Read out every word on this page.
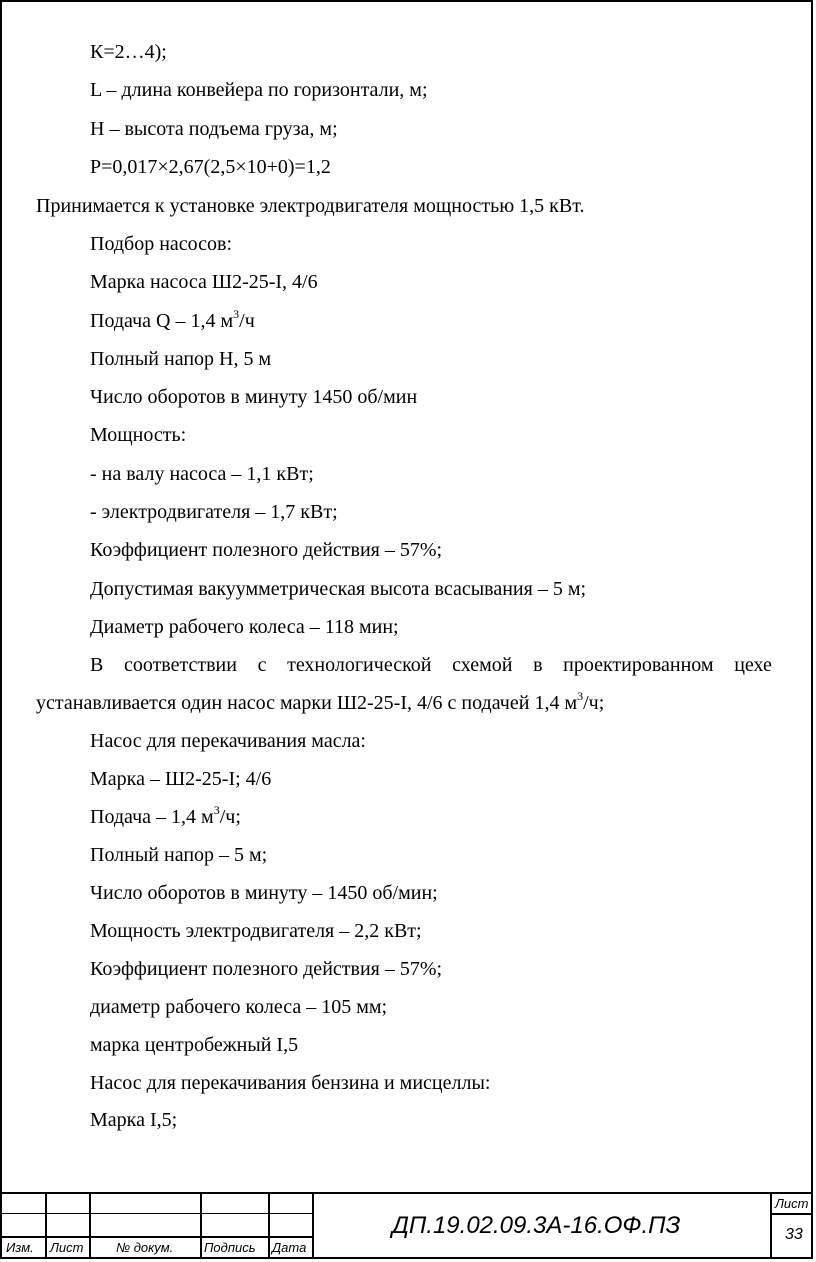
К=2…4);
L – длина конвейера по горизонтали, м;
H – высота подъема груза, м;
P=0,017×2,67(2,5×10+0)=1,2
Принимается к установке электродвигателя мощностью 1,5 кВт.
Подбор насосов:
Марка насоса Ш2-25-I, 4/6
Подача Q – 1,4 $м^3/ч$
Полный напор Н, 5 м
Число оборотов в минуту 1450 об/мин
Мощность:
- на валу насоса – 1,1 кВт;
- электродвигателя – 1,7 кВт;
Коэффициент полезного действия – 57%;
Допустимая вакуумметрическая высота всасывания – 5 м;
Диаметр рабочего колеса – 118 мин;
В соответствии с технологической схемой в проектированном цехе
устанавливается один насос марки Ш2-25-I, 4/6 с подачей 1,4 $м^3/ч$;
Насос для перекачивания масла:
Марка – Ш2-25-I; 4/6
Подача – 1,4 $м^3/ч$;
Полный напор – 5 м;
Число оборотов в минуту – 1450 об/мин;
Мощность электродвигателя – 2,2 кВт;
Коэффициент полезного действия – 57%;
диаметр рабочего колеса – 105 мм;
марка центробежный I,5
Насос для перекачивания бензина и мисцеллы:
Марка I,5;
Изм. Лист	№ докум. Подпись Дата
ДП.19.02.09.3А-16.ОФ.ПЗ
Лист
33
